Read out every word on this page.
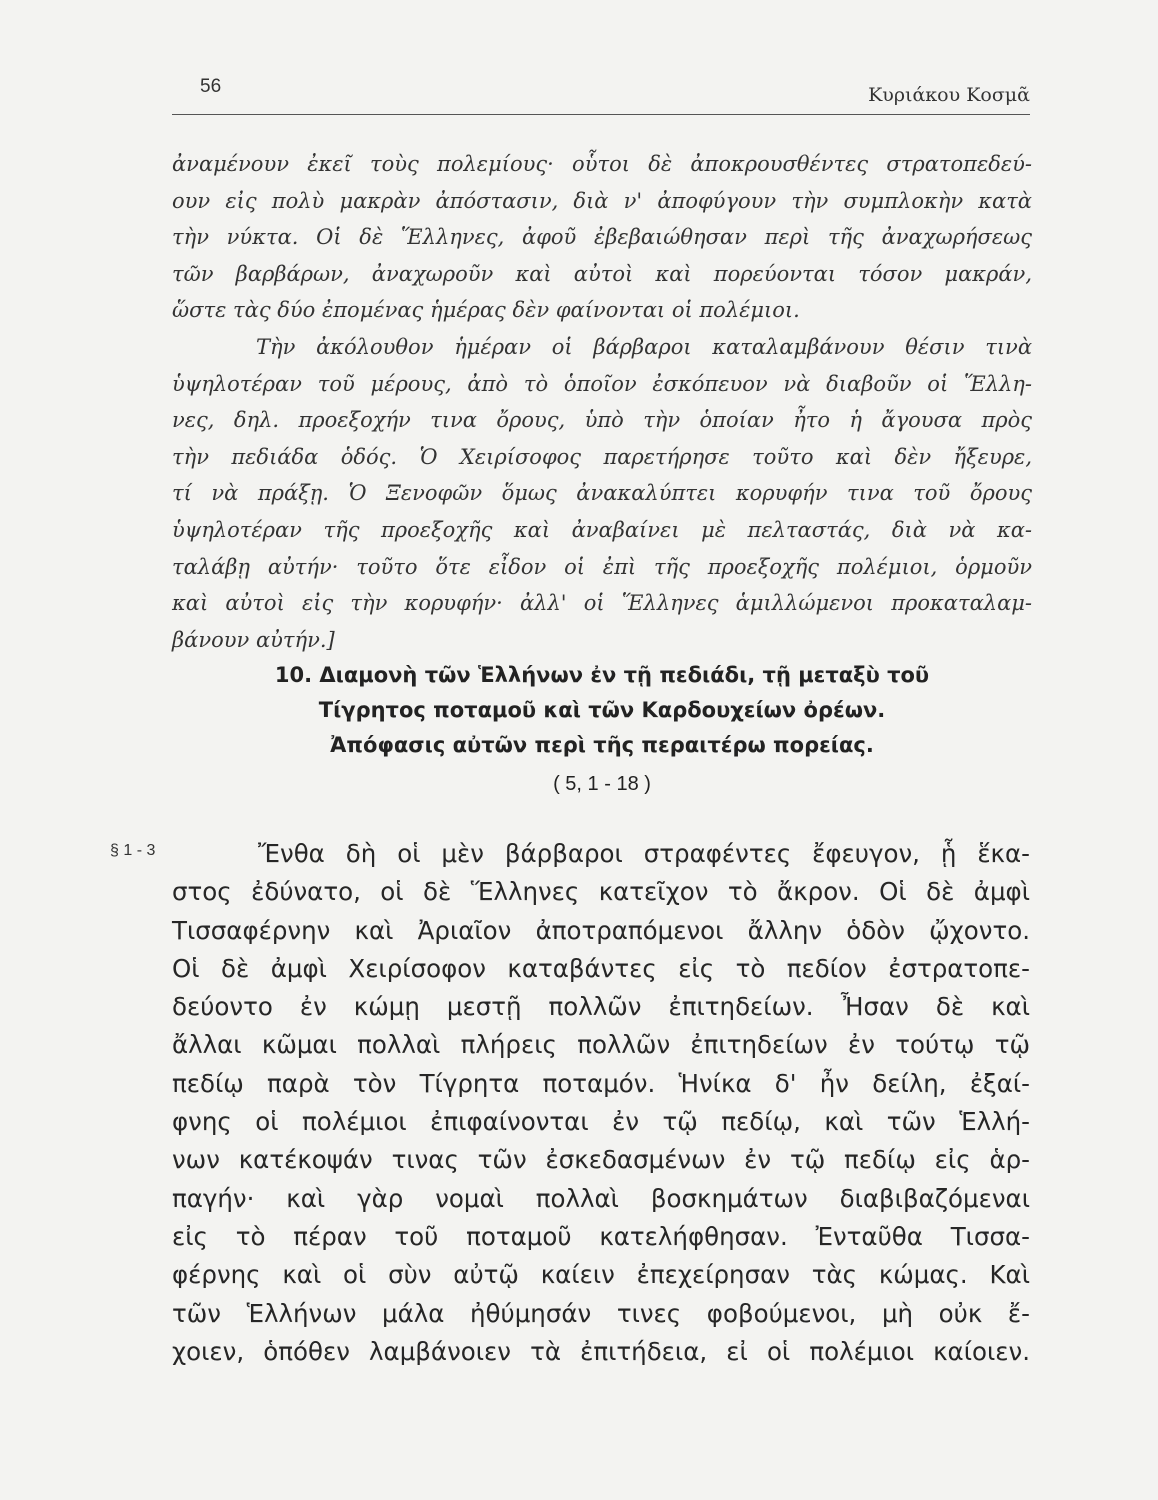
56	Κυριάκου Κοσμᾶ
ἀναμένουν ἐκεῖ τοὺς πολεμίους· οὗτοι δὲ ἀποκρουσθέντες στρατοπεδεύ-
ουν εἰς πολὺ μακρὰν ἀπόστασιν, διὰ ν' ἀποφύγουν τὴν συμπλοκὴν κατὰ
τὴν νύκτα. Οἱ δὲ Ἕλληνες, ἀφοῦ ἐβεβαιώθησαν περὶ τῆς ἀναχωρήσεως
τῶν βαρβάρων, ἀναχωροῦν καὶ αὐτοὶ καὶ πορεύονται τόσον μακράν,
ὥστε τὰς δύο ἐπομένας ἡμέρας δὲν φαίνονται οἱ πολέμιοι.
Τὴν ἀκόλουθον ἡμέραν οἱ βάρβαροι καταλαμβάνουν θέσιν τινὰ
ὑψηλοτέραν τοῦ μέρους, ἀπὸ τὸ ὁποῖον ἐσκόπευον νὰ διαβοῦν οἱ Ἕλλη-
νες, δηλ. προεξοχήν τινα ὄρους, ὑπὸ τὴν ὁποίαν ἦτο ἡ ἄγουσα πρὸς
τὴν πεδιάδα ὁδός. Ὁ Χειρίσοφος παρετήρησε τοῦτο καὶ δὲν ἤξευρε,
τί νὰ πράξῃ. Ὁ Ξενοφῶν ὅμως ἀνακαλύπτει κορυφήν τινα τοῦ ὄρους
ὑψηλοτέραν τῆς προεξοχῆς καὶ ἀναβαίνει μὲ πελταστάς, διὰ νὰ κα-
ταλάβῃ αὐτήν· τοῦτο ὅτε εἶδον οἱ ἐπὶ τῆς προεξοχῆς πολέμιοι, ὁρμοῦν
καὶ αὐτοὶ εἰς τὴν κορυφήν· ἀλλ' οἱ Ἕλληνες ἁμιλλώμενοι προκαταλαμ-
βάνουν αὐτήν.]
10. Διαμονὴ τῶν Ἑλλήνων ἐν τῇ πεδιάδι, τῇ μεταξὺ τοῦ
Τίγρητος ποταμοῦ καὶ τῶν Καρδουχείων ὀρέων.
Ἀπόφασις αὐτῶν περὶ τῆς περαιτέρω πορείας.
( 5, 1 - 18 )
§ 1 - 3	Ἔνθα δὴ οἱ μὲν βάρβαροι στραφέντες ἔφευγον, ᾗ ἕκα-
στος ἐδύνατο, οἱ δὲ Ἕλληνες κατεῖχον τὸ ἄκρον. Οἱ δὲ ἀμφὶ
Τισσαφέρνην καὶ Ἀριαῖον ἀποτραπόμενοι ἄλλην ὁδὸν ᾤχοντο.
Οἱ δὲ ἀμφὶ Χειρίσοφον καταβάντες εἰς τὸ πεδίον ἐστρατοπε-
δεύοντο ἐν κώμῃ μεστῇ πολλῶν ἐπιτηδείων. Ἦσαν δὲ καὶ
ἄλλαι κῶμαι πολλαὶ πλήρεις πολλῶν ἐπιτηδείων ἐν τούτῳ τῷ
πεδίῳ παρὰ τὸν Τίγρητα ποταμόν. Ἡνίκα δ' ἦν δείλη, ἐξαί-
φνης οἱ πολέμιοι ἐπιφαίνονται ἐν τῷ πεδίῳ, καὶ τῶν Ἑλλή-
νων κατέκοψάν τινας τῶν ἐσκεδασμένων ἐν τῷ πεδίῳ εἰς ἁρ-
παγήν· καὶ γὰρ νομαὶ πολλαὶ βοσκημάτων διαβιβαζόμεναι
εἰς τὸ πέραν τοῦ ποταμοῦ κατελήφθησαν. Ἐνταῦθα Τισσα-
φέρνης καὶ οἱ σὺν αὐτῷ καίειν ἐπεχείρησαν τὰς κώμας. Καὶ
τῶν Ἑλλήνων μάλα ἠθύμησάν τινες φοβούμενοι, μὴ οὐκ ἔ-
χοιεν, ὁπόθεν λαμβάνοιεν τὰ ἐπιτήδεια, εἰ οἱ πολέμιοι καίοιεν.
